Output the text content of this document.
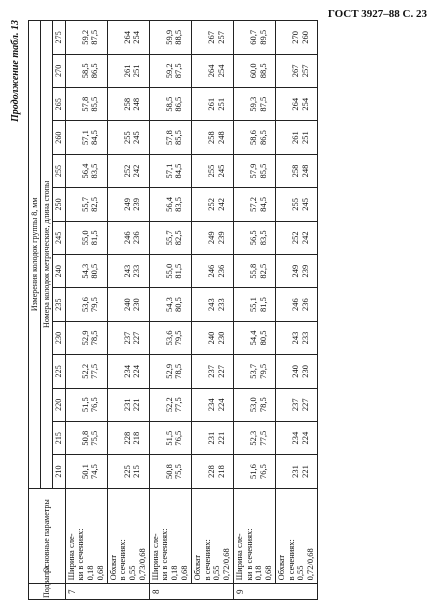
ГОСТ 3927–88 С. 23
Продолжение табл. 13
Подвапра	Основные параметры	Измерения колодок группы 8, мм													
		Номера колодок метрические, длина стопы													
		210	215	220	225	230	235	240	245	250	255	260	265	270	275
7	Ширина сле- ки в сечениях: 0,18 0,68	50,1 74,5	50,8 75,5	51,5 76,5	52,2 77,5	52,9 78,5	53,6 79,5	54,3 80,5	55,0 81,5	55,7 82,5	56,4 83,5	57,1 84,5	57,8 85,5	58,5 86,5	59,2 87,5

	Обхват в сечениях: 0,55 0,73/0,68	225 215	228 218	231 221	234 224	237 227	240 230	243 233	246 236	249 239	252 242	255 245	258 248	261 251	264 254

8	Ширина сле- ки в сечениях: 0,18 0,68	50,8 75,5	51,5 76,5	52,2 77,5	52,9 78,5	53,6 79,5	54,3 80,5	55,0 81,5	55,7 82,5	56,4 83,5	57,1 84,5	57,8 85,5	58,5 86,5	59,2 87,5	59,9 88,5

	Обхват в сечениях: 0,55 0,72/0,68	228 218	231 221	234 224	237 227	240 230	243 233	246 236	249 239	252 242	255 245	258 248	261 251	264 254	267 257

9	Ширина сле- ки в сечениях: 0,18 0,68	51,6 76,5	52,3 77,5	53,0 78,5	53,7 79,5	54,4 80,5	55,1 81,5	55,8 82,5	56,5 83,5	57,2 84,5	57,9 85,5	58,6 86,5	59,3 87,5	60,0 88,5	60,7 89,5

	Обхват в сечениях: 0,55 0,72/0,68	231 221	234 224	237 227	240 230	243 233	246 236	249 239	252 242	255 245	258 248	261 251	264 254	267 257	270 260
